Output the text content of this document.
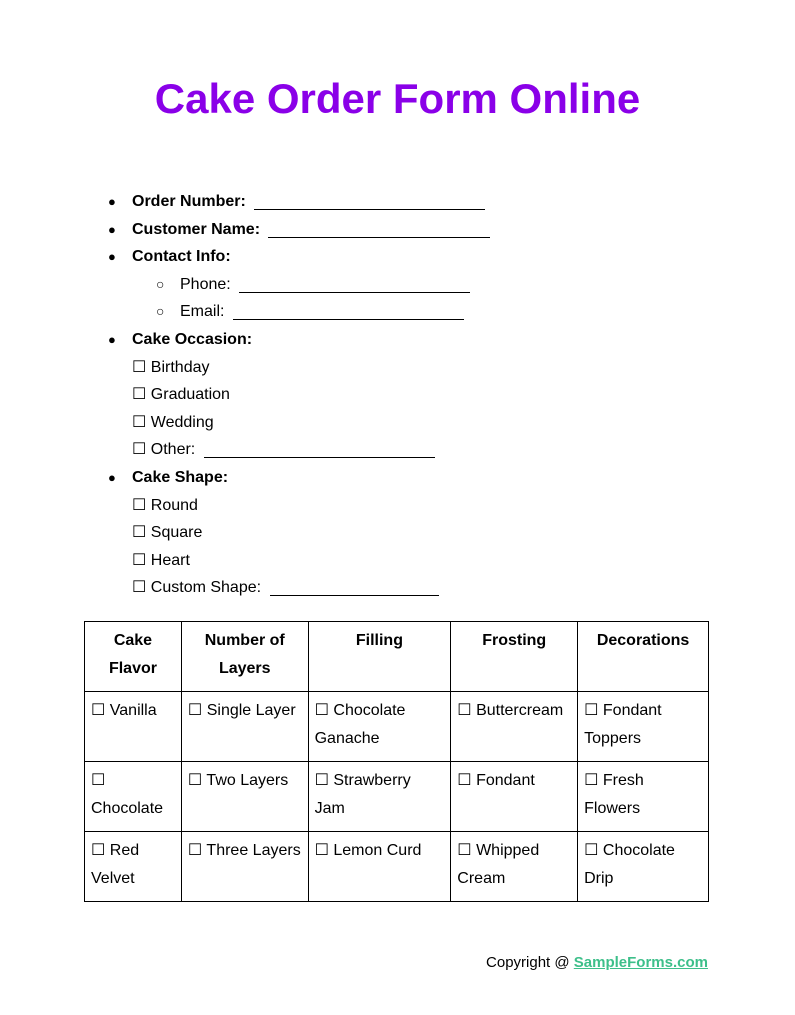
Cake Order Form Online
● Order Number:
● Customer Name:
● Contact Info:
○ Phone:
○ Email:
● Cake Occasion:
☐ Birthday
☐ Graduation
☐ Wedding
☐ Other:
● Cake Shape:
☐ Round
☐ Square
☐ Heart
☐ Custom Shape:
Cake Flavor	Number of Layers	Filling	Frosting	Decorations
☐ Vanilla	☐ Single Layer	☐ Chocolate Ganache	☐ Buttercream	☐ Fondant Toppers
☐ Chocolate	☐ Two Layers	☐ Strawberry Jam	☐ Fondant	☐ Fresh Flowers
☐ Red Velvet	☐ Three Layers	☐ Lemon Curd	☐ Whipped Cream	☐ Chocolate Drip
Copyright @ SampleForms.com
